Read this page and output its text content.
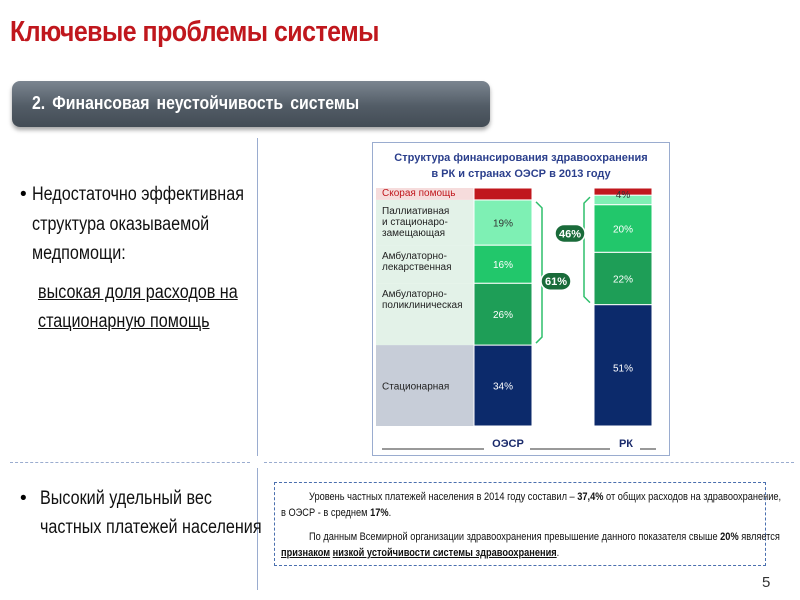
Ключевые проблемы системы
2. Финансовая неустойчивость системы
• Недостаточно эффективная
структура оказываемой
медпомощи:
высокая доля расходов на
стационарную помощь
• Высокий удельный вес
частных платежей населения
Структура финансирования здравоохранения
в РК и странах ОЭСР в 2013 году
34%
26%
16%
19%
51%
22%
20%
4%
Стационарная
Амбулаторно-
поликлиническая
Амбулаторно-
лекарственная
Паллиативная
и стационаро-
замещающая
Скорая помощь
61%
46%
ОЭСР	РК
Уровень частных платежей населения в 2014 году составил – 37,4% от общих расходов на здравоохранение,
в ОЭСР - в среднем 17%.
По данным Всемирной организации здравоохранения превышение данного показателя свыше 20% является
признаком низкой устойчивости системы здравоохранения.
5
